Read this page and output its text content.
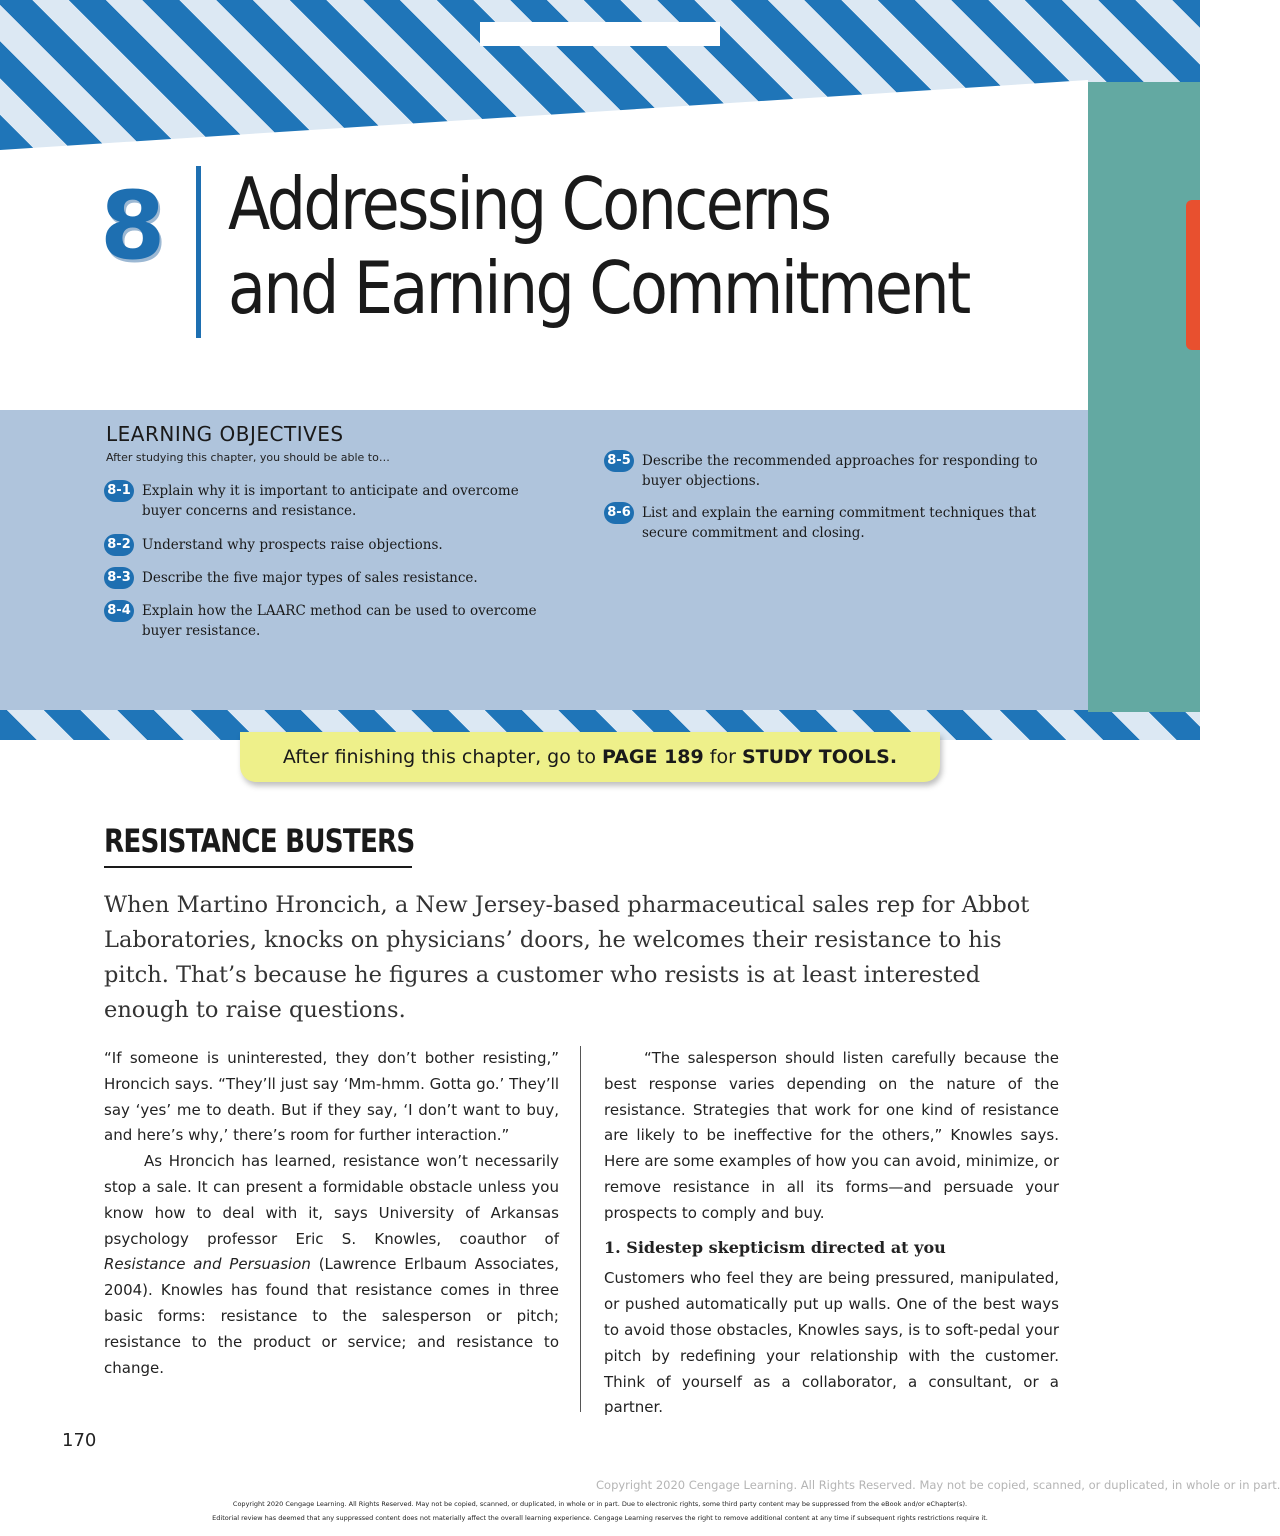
8 Addressing Concerns
and Earning Commitment
LEARNING OBJECTIVES
After studying this chapter, you should be able to…
8-1 Explain why it is important to anticipate and overcome buyer concerns and resistance.
8-2 Understand why prospects raise objections.
8-3 Describe the five major types of sales resistance.
8-4 Explain how the LAARC method can be used to overcome buyer resistance.
8-5 Describe the recommended approaches for responding to buyer objections.
8-6 List and explain the earning commitment techniques that secure commitment and closing.
After finishing this chapter, go to PAGE 189 for STUDY TOOLS.
RESISTANCE BUSTERS
When Martino Hroncich, a New Jersey-based pharmaceutical sales rep for Abbot Laboratories, knocks on physicians’ doors, he welcomes their resistance to his pitch. That’s because he figures a customer who resists is at least interested enough to raise questions.

“If someone is uninterested, they don’t bother resisting,” Hroncich says. “They’ll just say ‘Mm-hmm. Gotta go.’ They’ll say ‘yes’ me to death. But if they say, ‘I don’t want to buy, and here’s why,’ there’s room for further interaction.”

As Hroncich has learned, resistance won’t necessarily stop a sale. It can present a formidable obstacle unless you know how to deal with it, says University of Arkansas psychology professor Eric S. Knowles, coauthor of Resistance and Persuasion (Lawrence Erlbaum Associates, 2004). Knowles has found that resistance comes in three basic forms: resistance to the salesperson or pitch; resistance to the product or service; and resistance to change.

“The salesperson should listen carefully because the best response varies depending on the nature of the resistance. Strategies that work for one kind of resistance are likely to be ineffective for the others,” Knowles says. Here are some examples of how you can avoid, minimize, or remove resistance in all its forms—and persuade your prospects to comply and buy.

1. Sidestep skepticism directed at you

Customers who feel they are being pressured, manipulated, or pushed automatically put up walls. One of the best ways to avoid those obstacles, Knowles says, is to soft-pedal your pitch by redefining your relationship with the customer. Think of yourself as a collaborator, a consultant, or a partner.

170
Copyright 2020 Cengage Learning. All Rights Reserved. May not be copied, scanned, or duplicated, in whole or in part.
Copyright 2020 Cengage Learning. All Rights Reserved. May not be copied, scanned, or duplicated, in whole or in part. Due to electronic rights, some third party content may be suppressed from the eBook and/or eChapter(s).
Editorial review has deemed that any suppressed content does not materially affect the overall learning experience. Cengage Learning reserves the right to remove additional content at any time if subsequent rights restrictions require it.
